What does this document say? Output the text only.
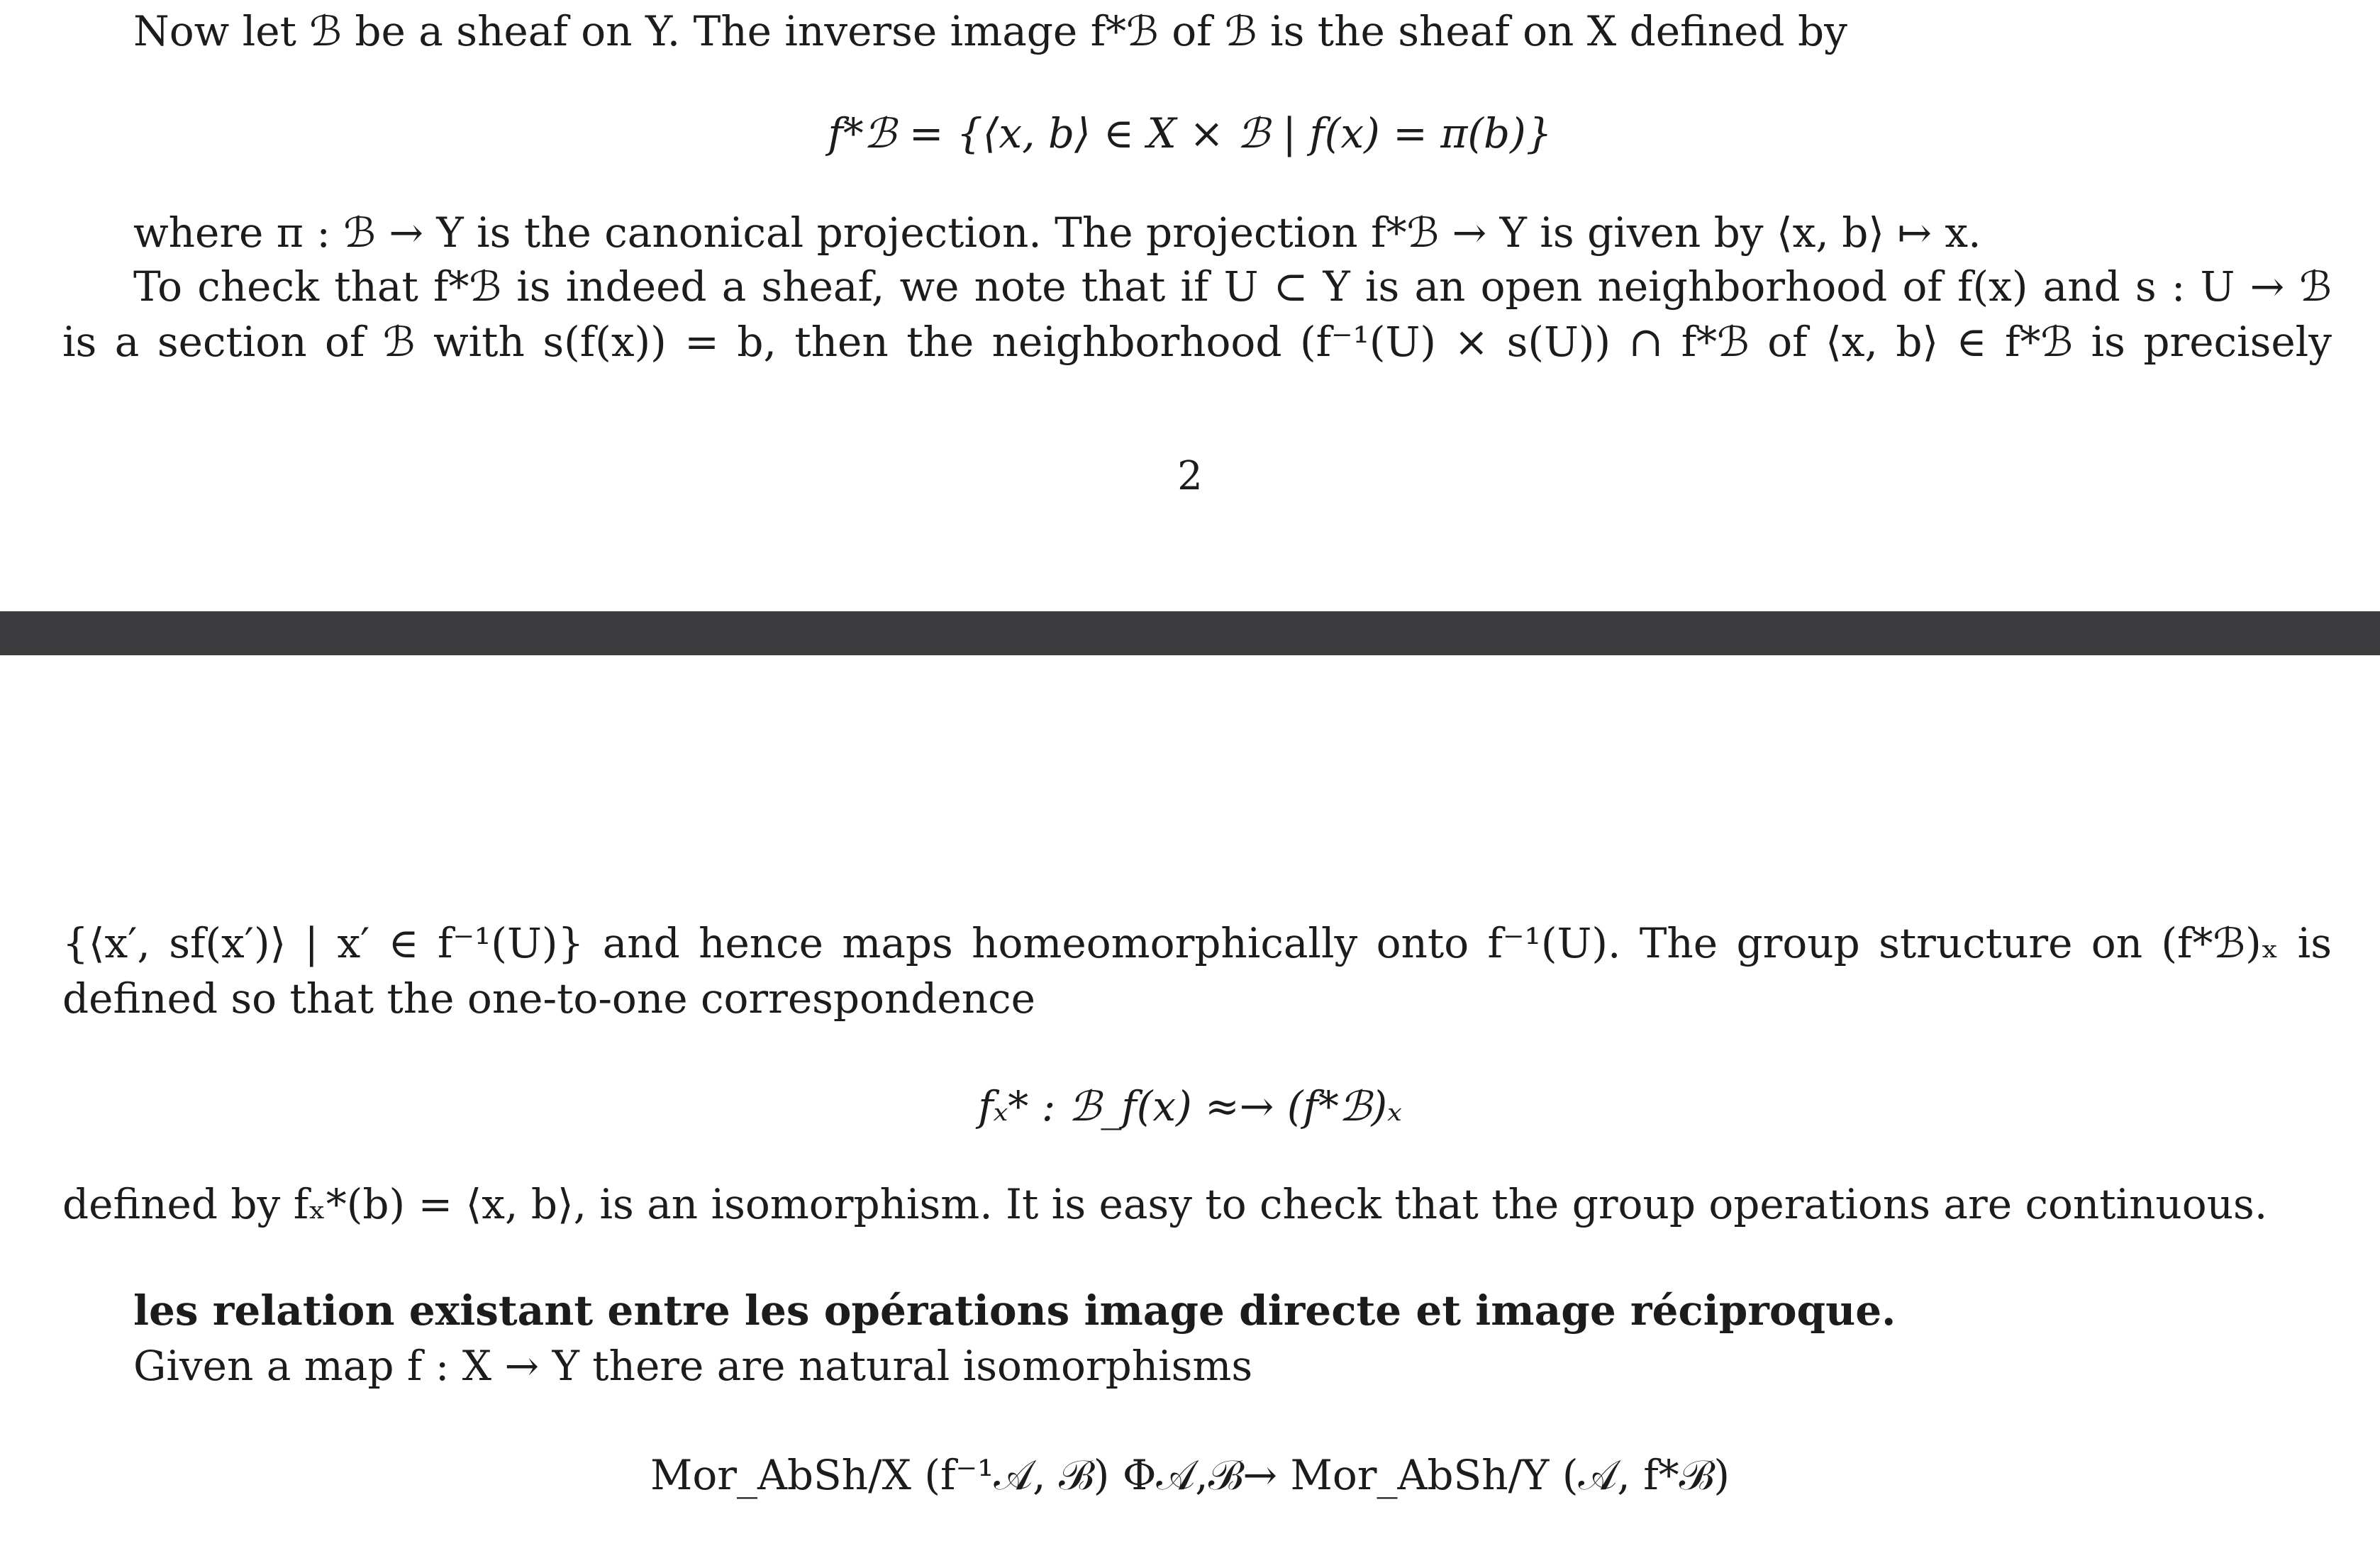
Now let ℬ be a sheaf on Y. The inverse image f*ℬ of ℬ is the sheaf on X defined by
f*ℬ = {⟨x, b⟩ ∈ X × ℬ | f(x) = π(b)}
where π : ℬ → Y is the canonical projection. The projection f*ℬ → Y is given by ⟨x, b⟩ ↦ x.
To check that f*ℬ is indeed a sheaf, we note that if U ⊂ Y is an open neighborhood of f(x) and s : U → ℬ
is a section of ℬ with s(f(x)) = b, then the neighborhood (f⁻¹(U) × s(U)) ∩ f*ℬ of ⟨x, b⟩ ∈ f*ℬ is precisely
2
{⟨x′, sf(x′)⟩ | x′ ∈ f⁻¹(U)} and hence maps homeomorphically onto f⁻¹(U). The group structure on (f*ℬ)ₓ is
defined so that the one-to-one correspondence
fₓ* : ℬ_f(x) ≈→ (f*ℬ)ₓ
defined by fₓ*(b) = ⟨x, b⟩, is an isomorphism. It is easy to check that the group operations are continuous.
les relation existant entre les opérations image directe et image réciproque.
Given a map f : X → Y there are natural isomorphisms
Mor_AbSh/X (f⁻¹𝒜, ℬ) Φ𝒜,ℬ→ Mor_AbSh/Y (𝒜, f*ℬ)
